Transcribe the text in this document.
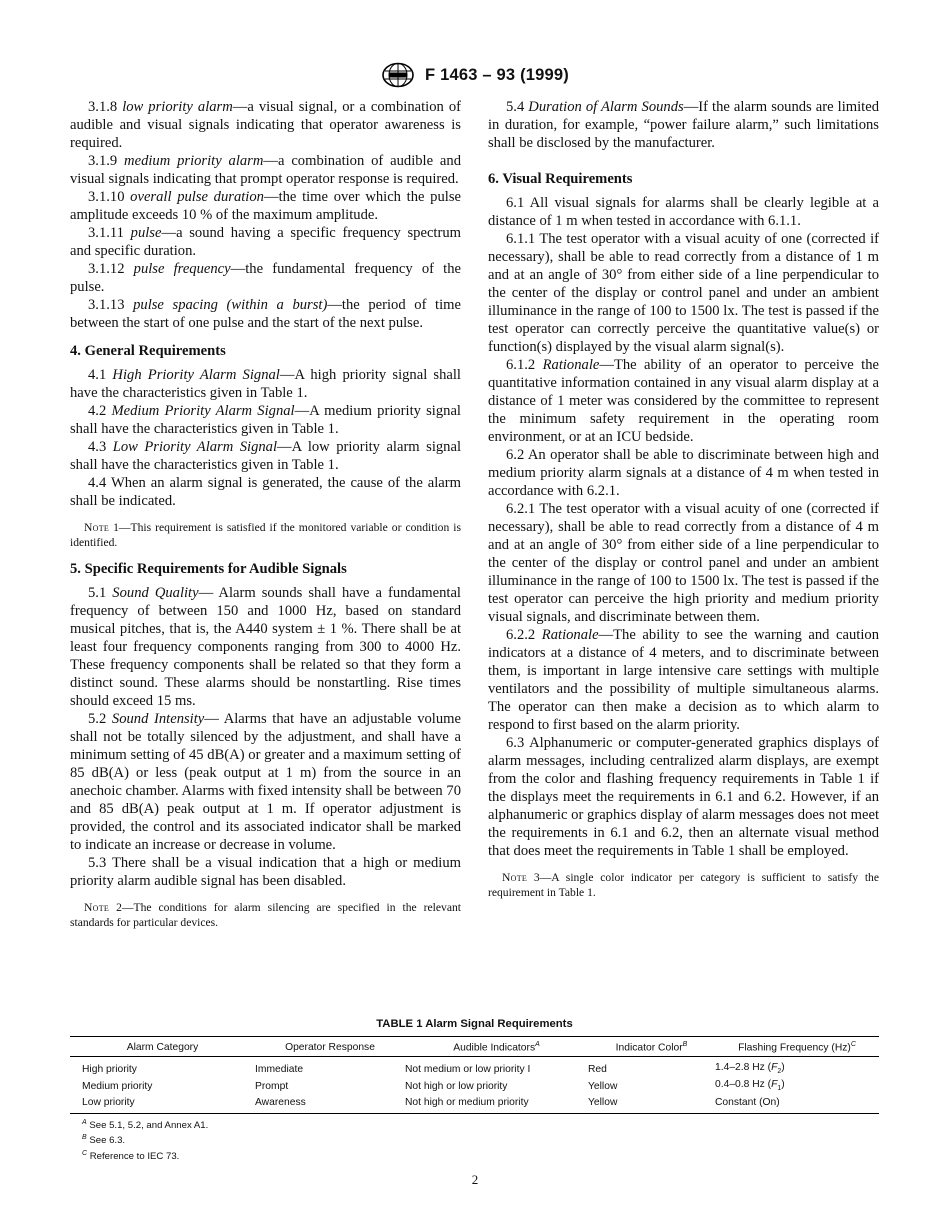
F 1463 – 93 (1999)

3.1.8 low priority alarm—a visual signal, or a combination of audible and visual signals indicating that operator awareness is required.

3.1.9 medium priority alarm—a combination of audible and visual signals indicating that prompt operator response is required.

3.1.10 overall pulse duration—the time over which the pulse amplitude exceeds 10 % of the maximum amplitude.

3.1.11 pulse—a sound having a specific frequency spectrum and specific duration.

3.1.12 pulse frequency—the fundamental frequency of the pulse.

3.1.13 pulse spacing (within a burst)—the period of time between the start of one pulse and the start of the next pulse.

4. General Requirements

4.1 High Priority Alarm Signal—A high priority signal shall have the characteristics given in Table 1.

4.2 Medium Priority Alarm Signal—A medium priority signal shall have the characteristics given in Table 1.

4.3 Low Priority Alarm Signal—A low priority alarm signal shall have the characteristics given in Table 1.

4.4 When an alarm signal is generated, the cause of the alarm shall be indicated.

Note 1—This requirement is satisfied if the monitored variable or condition is identified.

5. Specific Requirements for Audible Signals

5.1 Sound Quality— Alarm sounds shall have a fundamental frequency of between 150 and 1000 Hz, based on standard musical pitches, that is, the A440 system ± 1 %. There shall be at least four frequency components ranging from 300 to 4000 Hz. These frequency components shall be related so that they form a distinct sound. These alarms should be nonstartling. Rise times should exceed 15 ms.

5.2 Sound Intensity— Alarms that have an adjustable volume shall not be totally silenced by the adjustment, and shall have a minimum setting of 45 dB(A) or greater and a maximum setting of 85 dB(A) or less (peak output at 1 m) from the source in an anechoic chamber. Alarms with fixed intensity shall be between 70 and 85 dB(A) peak output at 1 m. If operator adjustment is provided, the control and its associated indicator shall be marked to indicate an increase or decrease in volume.

5.3 There shall be a visual indication that a high or medium priority alarm audible signal has been disabled.

Note 2—The conditions for alarm silencing are specified in the relevant standards for particular devices.

5.4 Duration of Alarm Sounds—If the alarm sounds are limited in duration, for example, “power failure alarm,” such limitations shall be disclosed by the manufacturer.

6. Visual Requirements

6.1 All visual signals for alarms shall be clearly legible at a distance of 1 m when tested in accordance with 6.1.1.

6.1.1 The test operator with a visual acuity of one (corrected if necessary), shall be able to read correctly from a distance of 1 m and at an angle of 30° from either side of a line perpendicular to the center of the display or control panel and under an ambient illuminance in the range of 100 to 1500 lx. The test is passed if the test operator can correctly perceive the quantitative value(s) or function(s) displayed by the visual alarm signal(s).

6.1.2 Rationale—The ability of an operator to perceive the quantitative information contained in any visual alarm display at a distance of 1 meter was considered by the committee to represent the minimum safety requirement in the operating room environment, or at an ICU bedside.

6.2 An operator shall be able to discriminate between high and medium priority alarm signals at a distance of 4 m when tested in accordance with 6.2.1.

6.2.1 The test operator with a visual acuity of one (corrected if necessary), shall be able to read correctly from a distance of 4 m and at an angle of 30° from either side of a line perpendicular to the center of the display or control panel and under an ambient illuminance in the range of 100 to 1500 lx. The test is passed if the test operator can perceive the high priority and medium priority visual signals, and discriminate between them.

6.2.2 Rationale—The ability to see the warning and caution indicators at a distance of 4 meters, and to discriminate between them, is important in large intensive care settings with multiple ventilators and the possibility of multiple simultaneous alarms. The operator can then make a decision as to which alarm to respond to first based on the alarm priority.

6.3 Alphanumeric or computer-generated graphics displays of alarm messages, including centralized alarm displays, are exempt from the color and flashing frequency requirements in Table 1 if the displays meet the requirements in 6.1 and 6.2. However, if an alphanumeric or graphics display of alarm messages does not meet the requirements in 6.1 and 6.2, then an alternate visual method that does meet the requirements in Table 1 shall be employed.

Note 3—A single color indicator per category is sufficient to satisfy the requirement in Table 1.

TABLE 1 Alarm Signal Requirements
Alarm Category	Operator Response	Audible Indicators$^A$	Indicator Color$^B$	Flashing Frequency $(Hz)^C$
High priority	Immediate	Not medium or low priority I	Red	1.4–2.8 Hz $(F_2)$
Medium priority	Prompt	Not high or low priority	Yellow	0.4–0.8 Hz $(F_1)$
Low priority	Awareness	Not high or medium priority	Yellow	Constant (On)
$^A$ See 5.1, 5.2, and Annex A1.
$^B$ See 6.3.
$^C$ Reference to IEC 73.
2
